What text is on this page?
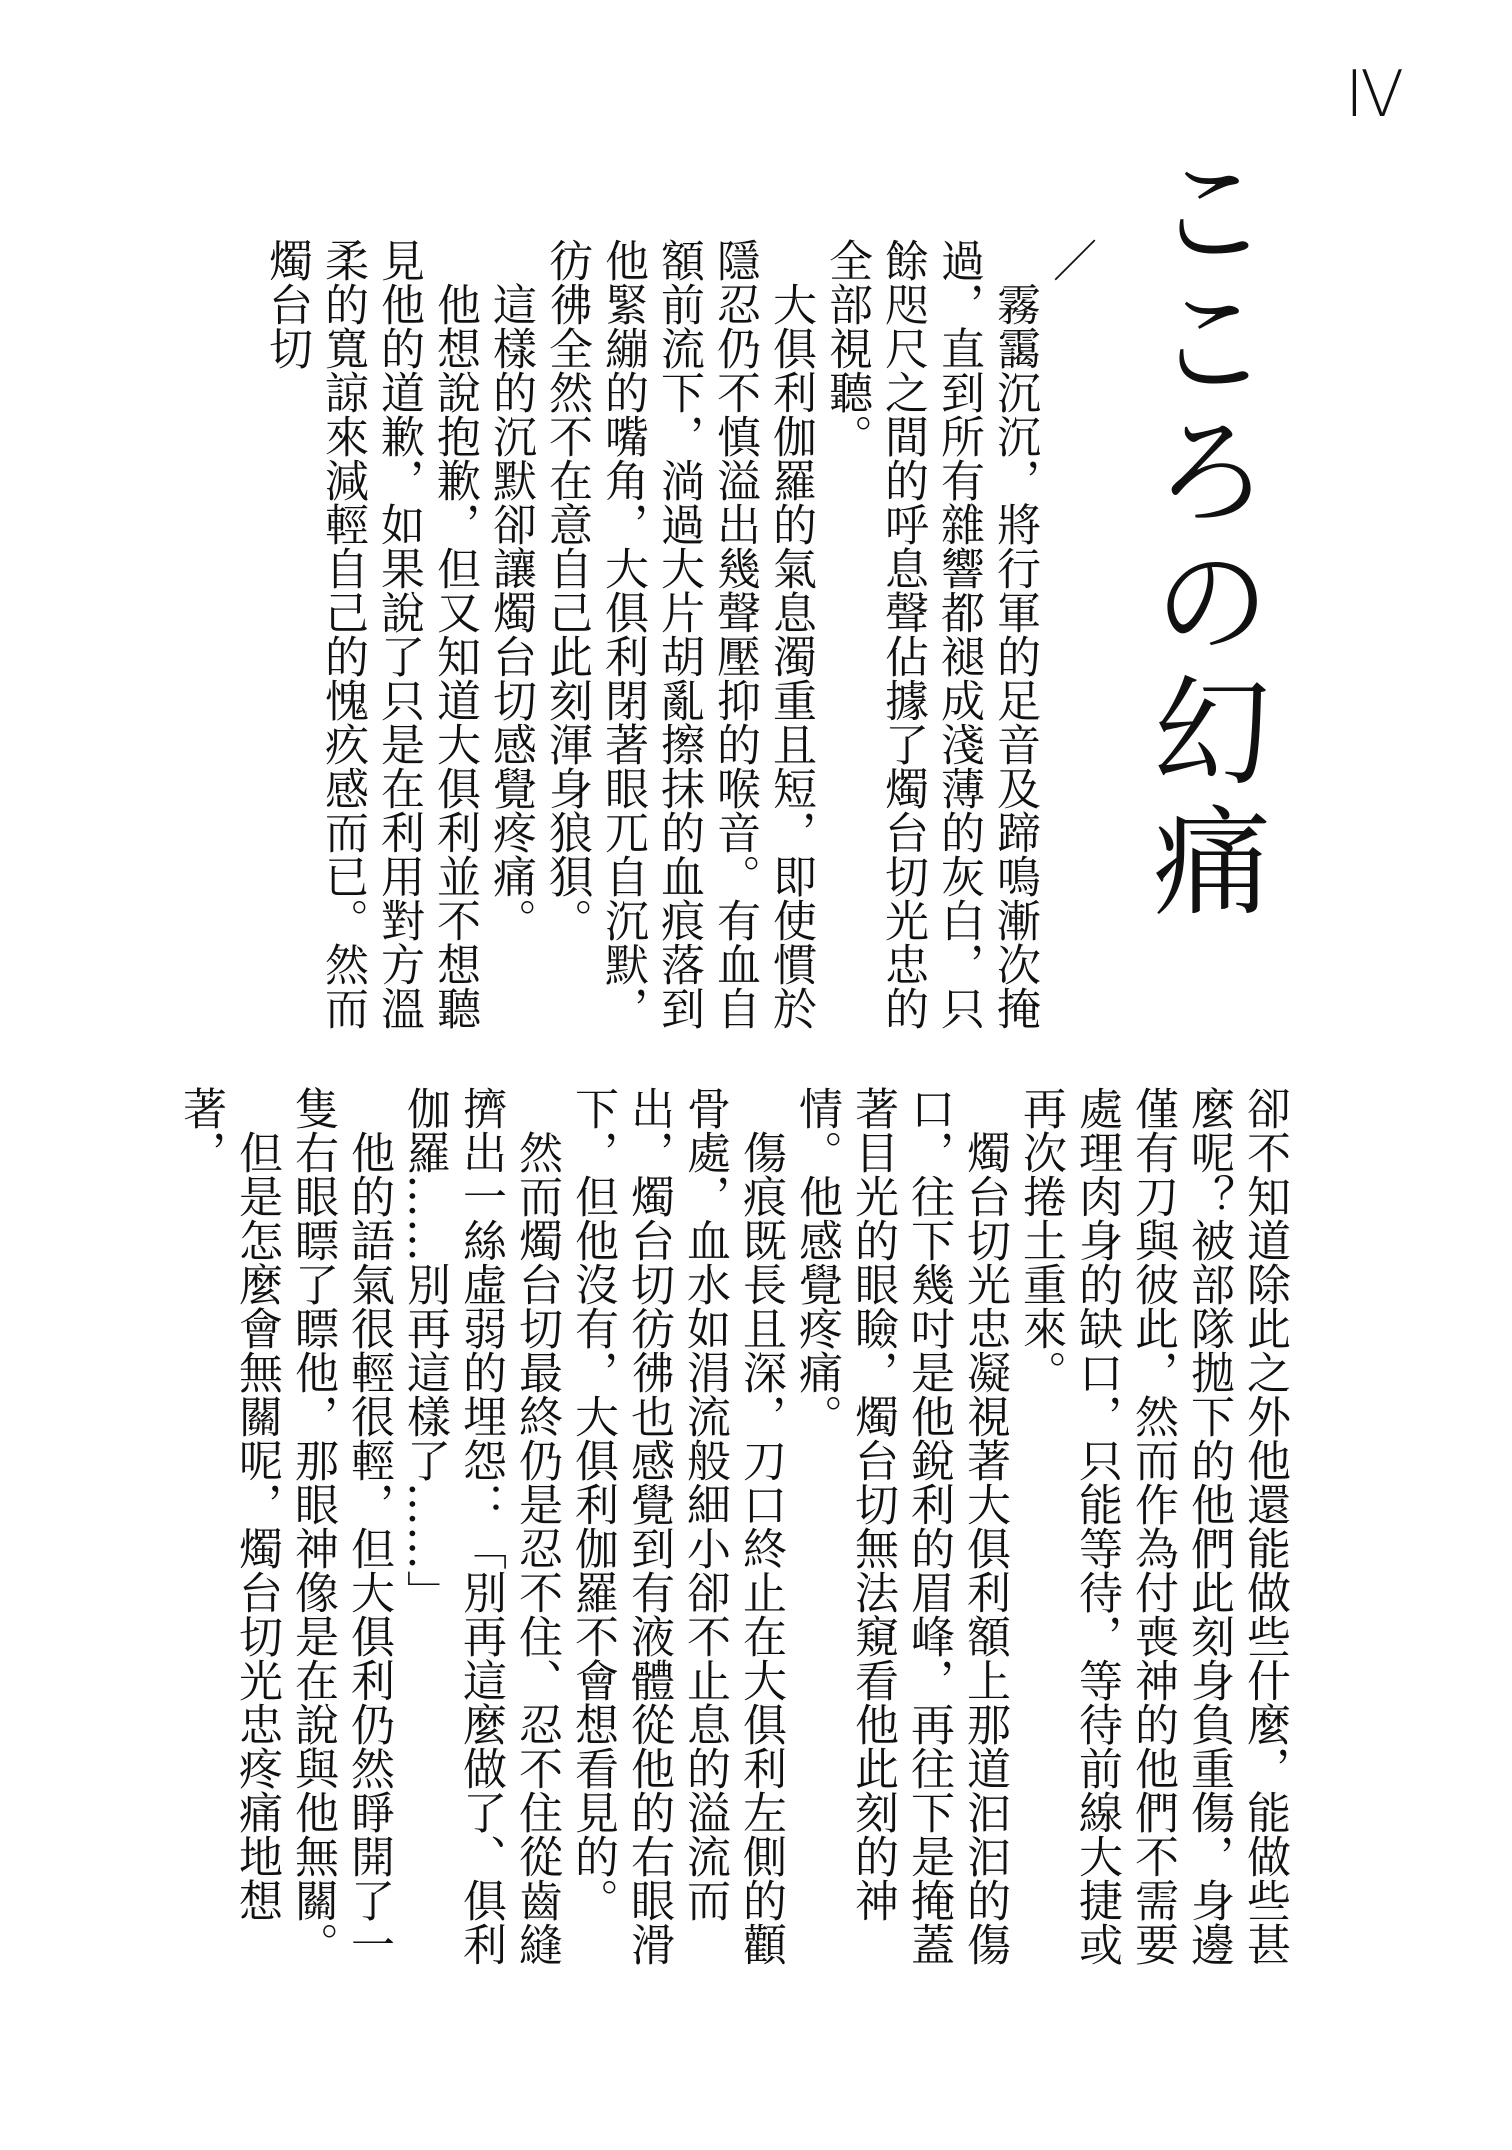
Ⅳ
こころの幻痛

／

霧靄沉沉，將行軍的足音及蹄鳴漸次掩過，直到所有雜響都褪成淺薄的灰白，只餘咫尺之間的呼息聲佔據了燭台切光忠的全部視聽。

大俱利伽羅的氣息濁重且短，即使慣於隱忍仍不慎溢出幾聲壓抑的喉音。有血自額前流下，淌過大片胡亂擦抹的血痕落到他緊繃的嘴角，大俱利閉著眼兀自沉默，彷彿全然不在意自己此刻渾身狼狽。

這樣的沉默卻讓燭台切感覺疼痛。

他想說抱歉，但又知道大俱利並不想聽見他的道歉，如果說了只是在利用對方溫柔的寬諒來減輕自己的愧疚感而已。然而燭台切

卻不知道除此之外他還能做些什麼，能做些甚麼呢？被部隊拋下的他們此刻身負重傷，身邊僅有刀與彼此，然而作為付喪神的他們不需要處理肉身的缺口，只能等待，等待前線大捷或再次捲土重來。

燭台切光忠凝視著大俱利額上那道汩汩的傷口，往下幾吋是他銳利的眉峰，再往下是掩蓋著目光的眼瞼，燭台切無法窺看他此刻的神情。他感覺疼痛。

傷痕既長且深，刀口終止在大俱利左側的顴骨處，血水如涓流般細小卻不止息的溢流而出，燭台切彷彿也感覺到有液體從他的右眼滑下，但他沒有，大俱利伽羅不會想看見的。

然而燭台切最終仍是忍不住、忍不住從齒縫擠出一絲虛弱的埋怨：「別再這麼做了、俱利伽羅……別再這樣了……」

他的語氣很輕很輕，但大俱利仍然睜開了一隻右眼瞟了瞟他，那眼神像是在說與他無關。

但是怎麼會無關呢，燭台切光忠疼痛地想著，
